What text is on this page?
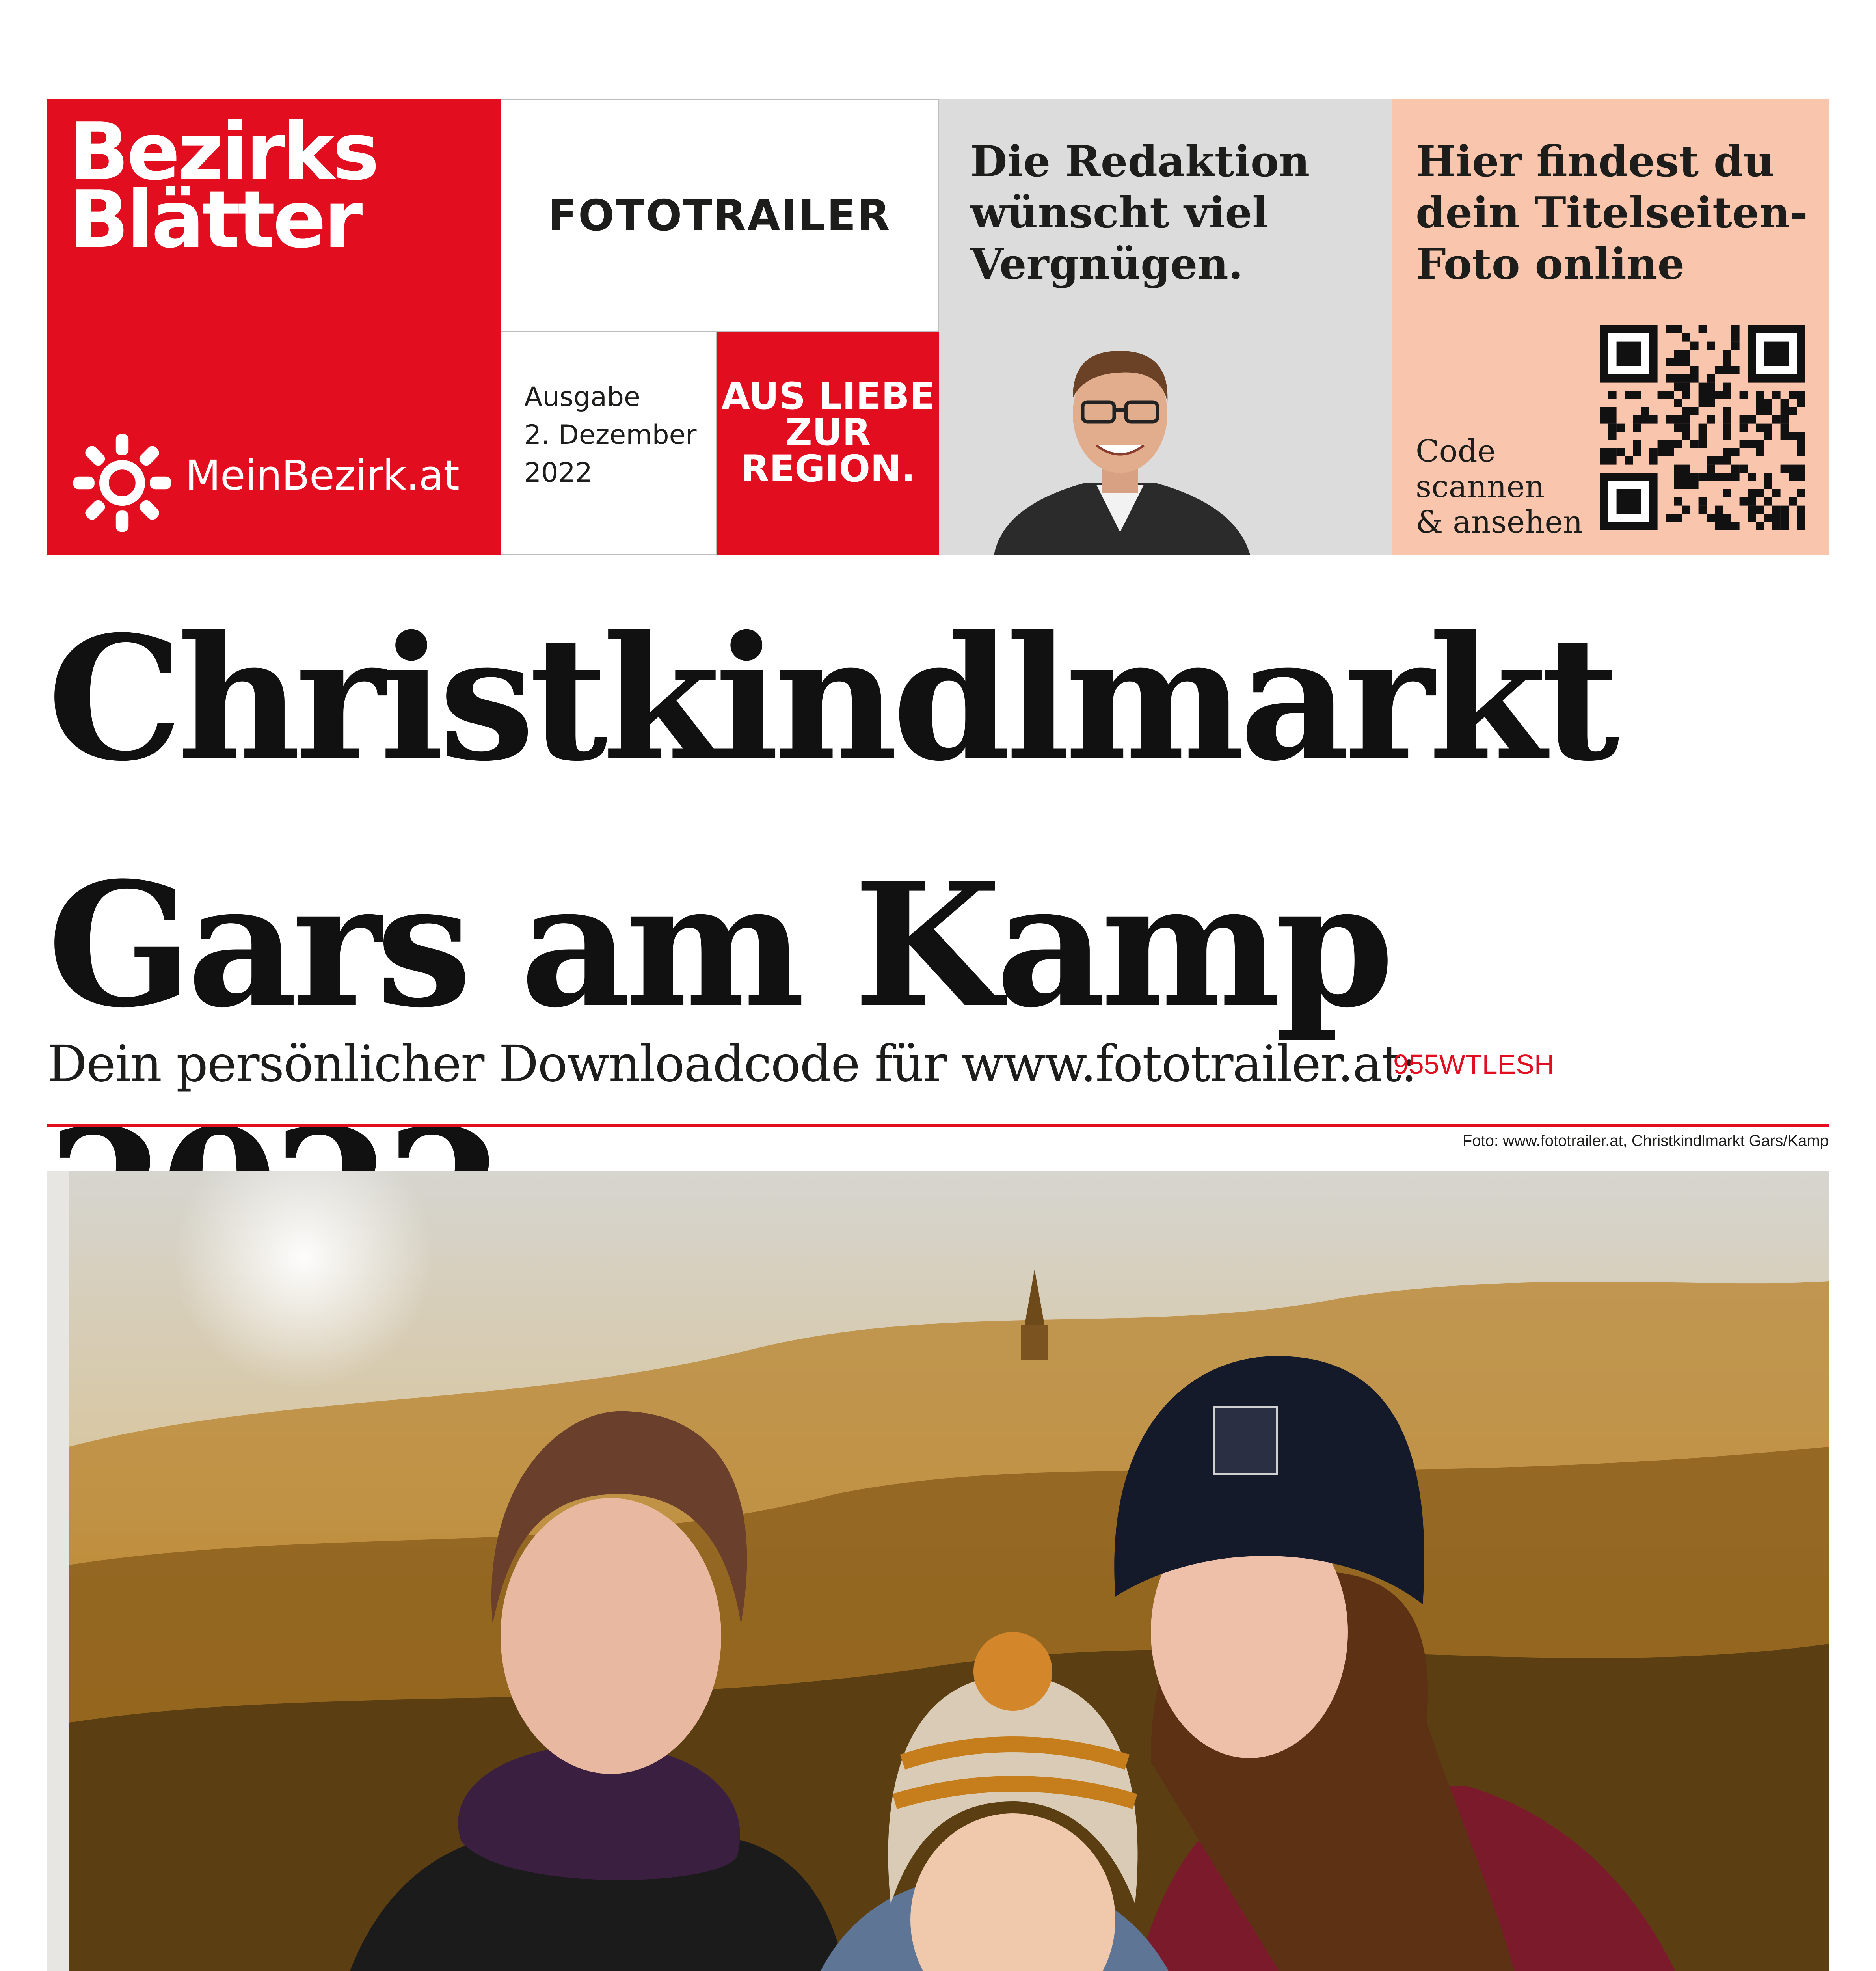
Bezirks
Blätter
MeinBezirk.at
FOTOTRAILER
Ausgabe
2. Dezember
2022
AUS LIEBE
ZUR
REGION.
Die Redaktion
wünscht viel
Vergnügen.
Hier findest du
dein Titelseiten-
Foto online
Code
scannen
& ansehen
Christkindlmarkt
Gars am Kamp
Dein persönlicher Downloadcode für www.fototrailer.at:
955WTLESH
Foto: www.fototrailer.at, Christkindlmarkt Gars/Kamp
